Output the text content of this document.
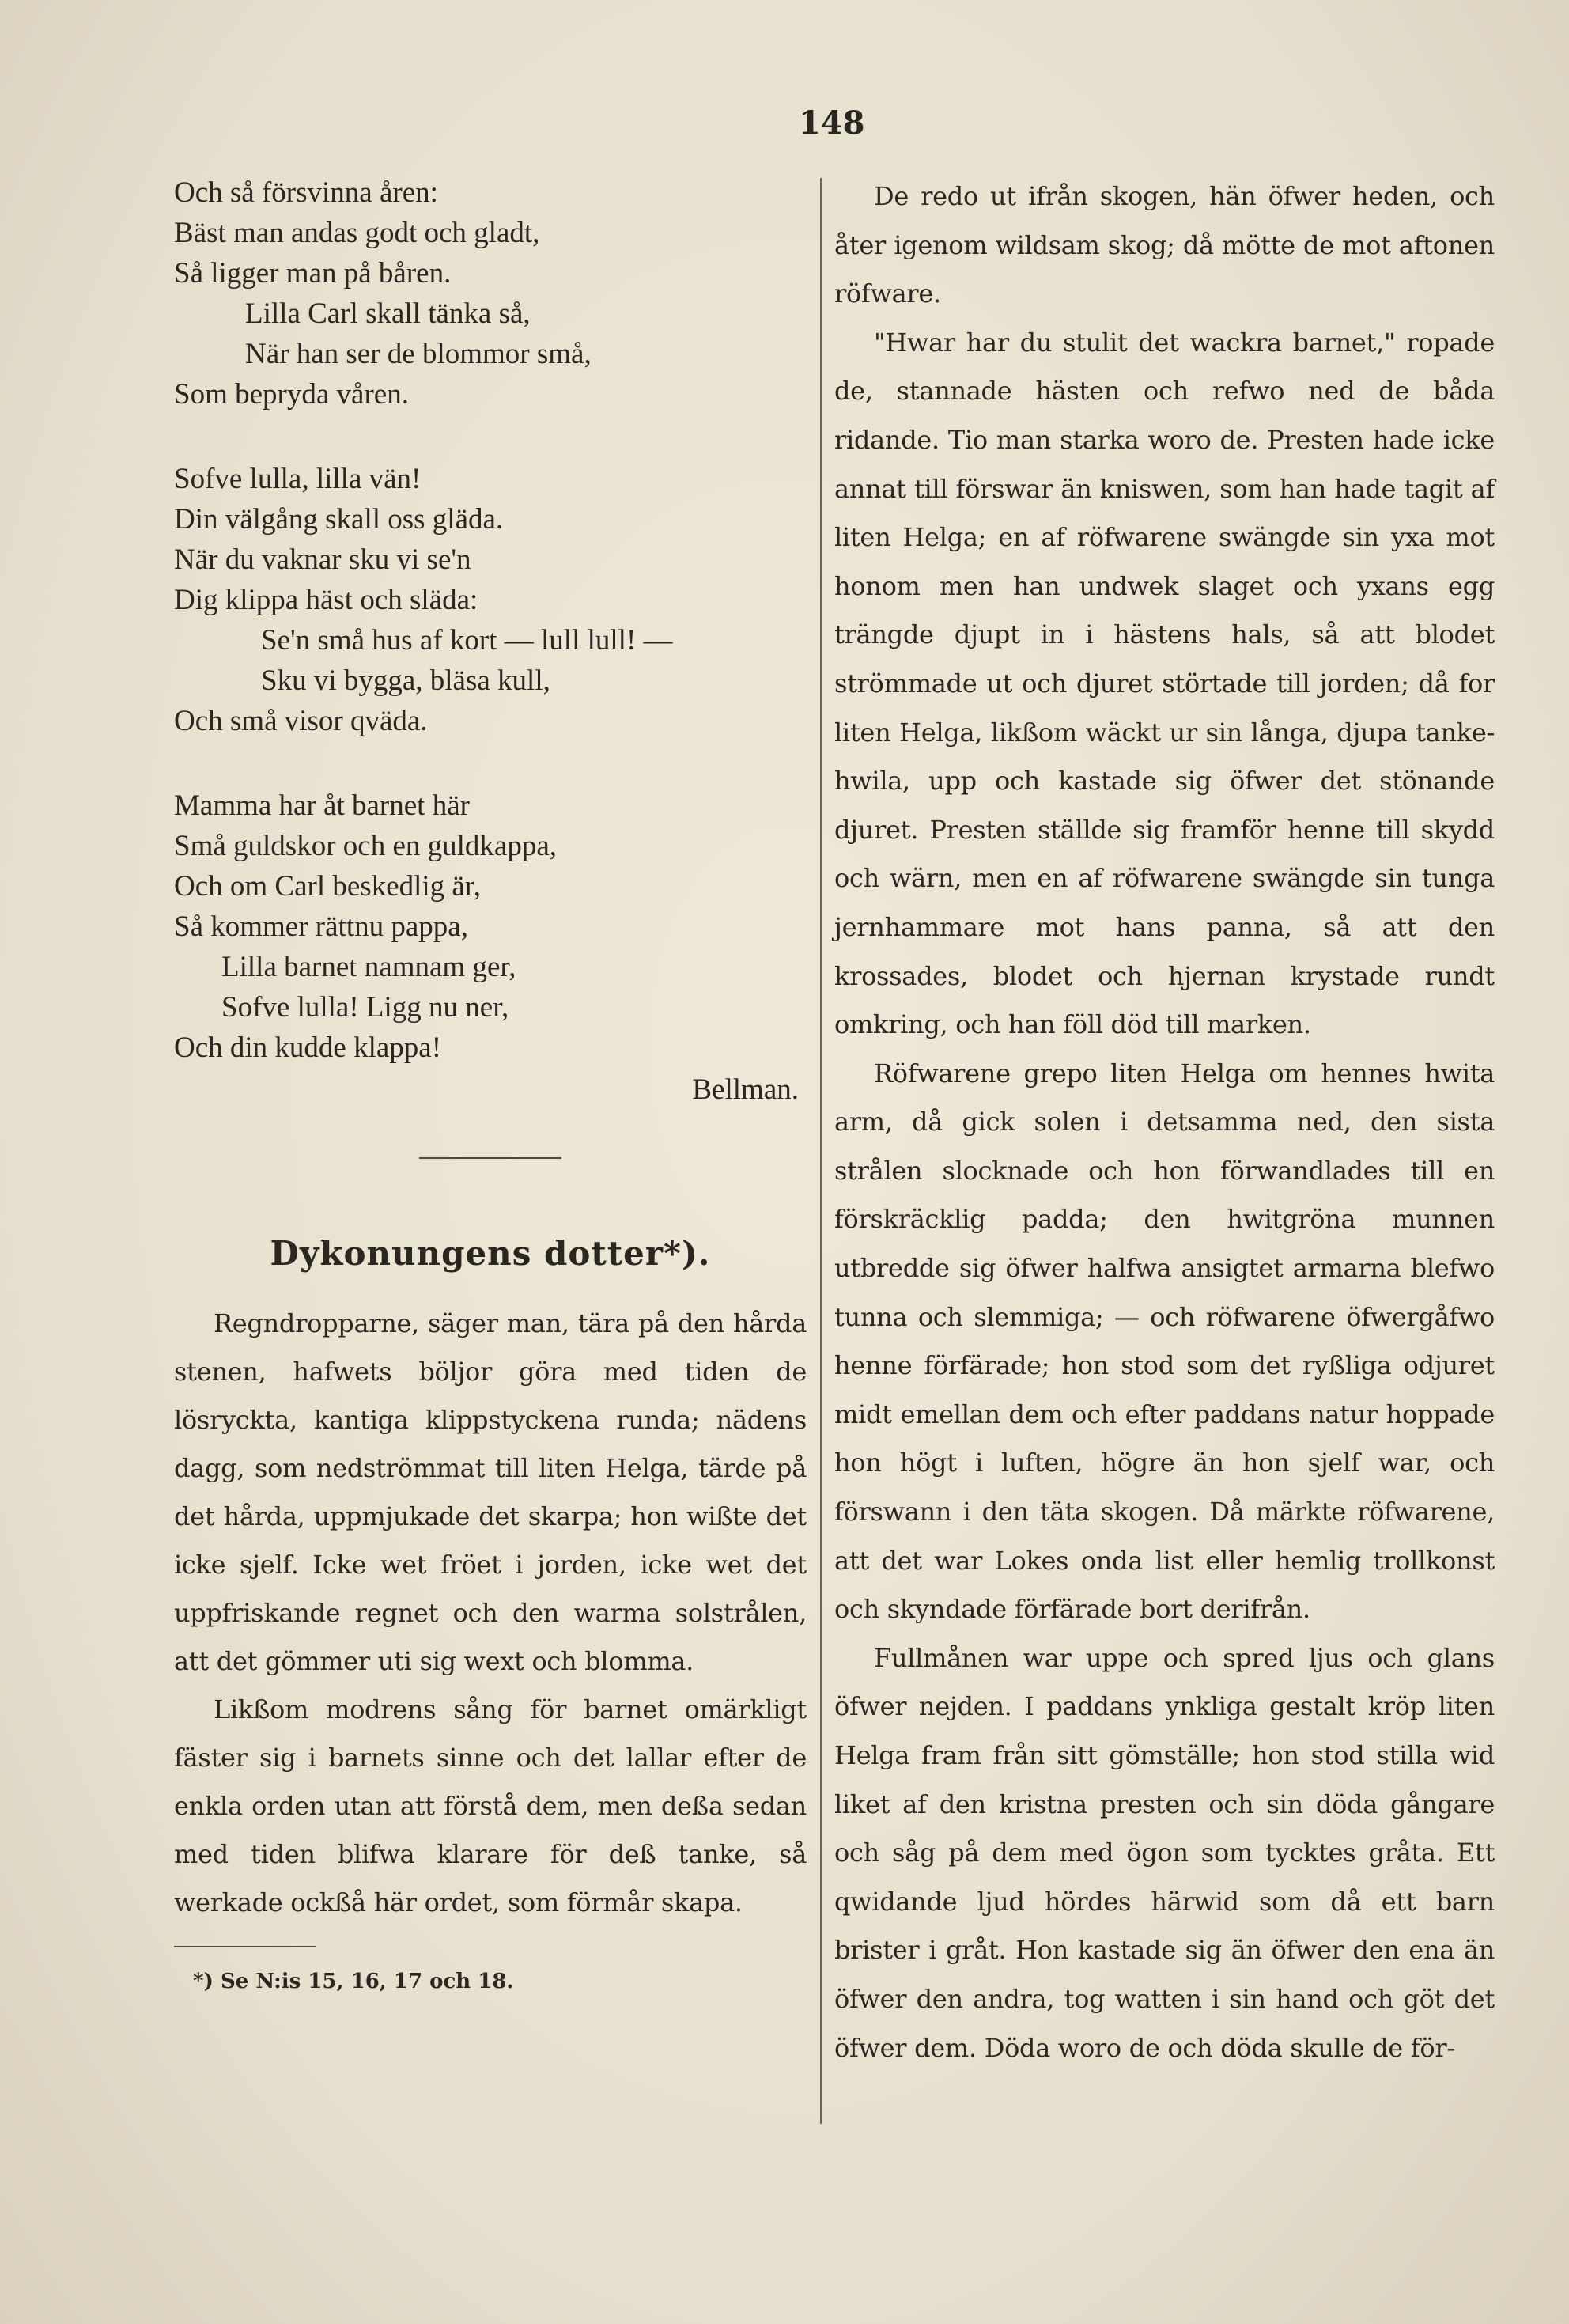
148
Och så försvinna åren:
Bäst man andas godt och gladt,
Så ligger man på båren.
Lilla Carl skall tänka så,
När han ser de blommor små,
Som bepryda våren.
Sofve lulla, lilla vän!
Din välgång skall oss gläda.
När du vaknar sku vi se'n
Dig klippa häst och släda:
Se'n små hus af kort — lull lull! —
Sku vi bygga, bläsa kull,
Och små visor qväda.
Mamma har åt barnet här
Små guldskor och en guldkappa,
Och om Carl beskedlig är,
Så kommer rättnu pappa,
Lilla barnet namnam ger,
Sofve lulla! Ligg nu ner,
Och din kudde klappa!
Bellman.
Dykonungens dotter*).

Regndropparne, säger man, tära på den hårda stenen, hafwets böljor göra med tiden de lösryckta, kantiga klippstyckena runda; nädens dagg, som nedströmmat till liten Helga, tärde på det hårda, uppmjukade det skarpa; hon wißte det icke sjelf. Icke wet fröet i jorden, icke wet det uppfriskande regnet och den warma solstrålen, att det gömmer uti sig wext och blomma.

Likßom modrens sång för barnet omärkligt fäster sig i barnets sinne och det lallar efter de enkla orden utan att förstå dem, men deßa sedan med tiden blifwa klarare för deß tanke, så werkade ockßå här ordet, som förmår skapa.

*) Se N:is 15, 16, 17 och 18.

De redo ut ifrån skogen, hän öfwer heden, och åter igenom wildsam skog; då mötte de mot aftonen röfware.

"Hwar har du stulit det wackra barnet," ropade de, stannade hästen och refwo ned de båda ridande. Tio man starka woro de. Presten hade icke annat till förswar än kniswen, som han hade tagit af liten Helga; en af röfwarene swängde sin yxa mot honom men han undwek slaget och yxans egg trängde djupt in i hästens hals, så att blodet strömmade ut och djuret störtade till jorden; då for liten Helga, likßom wäckt ur sin långa, djupa tanke-hwila, upp och kastade sig öfwer det stönande djuret. Presten ställde sig framför henne till skydd och wärn, men en af röfwarene swängde sin tunga jernhammare mot hans panna, så att den krossades, blodet och hjernan krystade rundt omkring, och han föll död till marken.

Röfwarene grepo liten Helga om hennes hwita arm, då gick solen i detsamma ned, den sista strålen slocknade och hon förwandlades till en förskräcklig padda; den hwitgröna munnen utbredde sig öfwer halfwa ansigtet armarna blefwo tunna och slemmiga; — och röfwarene öfwergåfwo henne förfärade; hon stod som det ryßliga odjuret midt emellan dem och efter paddans natur hoppade hon högt i luften, högre än hon sjelf war, och förswann i den täta skogen. Då märkte röfwarene, att det war Lokes onda list eller hemlig trollkonst och skyndade förfärade bort derifrån.

Fullmånen war uppe och spred ljus och glans öfwer nejden. I paddans ynkliga gestalt kröp liten Helga fram från sitt gömställe; hon stod stilla wid liket af den kristna presten och sin döda gångare och såg på dem med ögon som tycktes gråta. Ett qwidande ljud hördes härwid som då ett barn brister i gråt. Hon kastade sig än öfwer den ena än öfwer den andra, tog watten i sin hand och göt det öfwer dem. Döda woro de och döda skulle de för-
